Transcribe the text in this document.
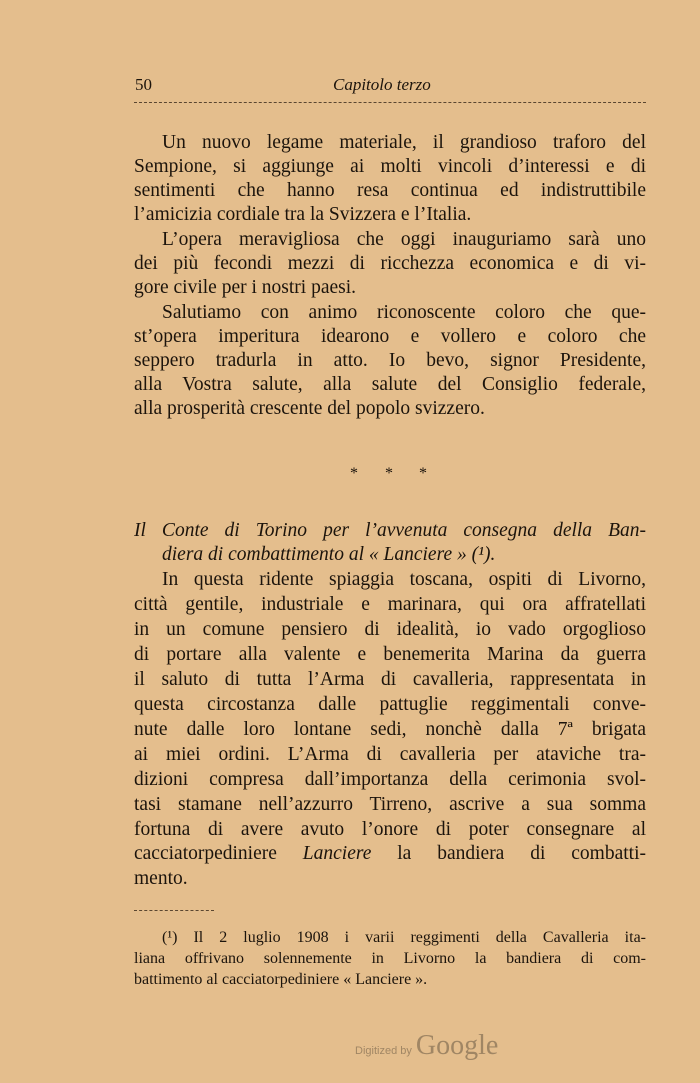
50	Capitolo terzo
Un nuovo legame materiale, il grandioso traforo del
Sempione, si aggiunge ai molti vincoli d’interessi e di
sentimenti che hanno resa continua ed indistruttibile
l’amicizia cordiale tra la Svizzera e l’Italia.
L’opera meravigliosa che oggi inauguriamo sarà uno
dei più fecondi mezzi di ricchezza economica e di vi-
gore civile per i nostri paesi.
Salutiamo con animo riconoscente coloro che que-
st’opera imperitura idearono e vollero e coloro che
seppero tradurla in atto. Io bevo, signor Presidente,
alla Vostra salute, alla salute del Consiglio federale,
alla prosperità crescente del popolo svizzero.
Il Conte di Torino per l’avvenuta consegna della Ban-
diera di combattimento al « Lanciere » (¹).
In questa ridente spiaggia toscana, ospiti di Livorno,
città gentile, industriale e marinara, qui ora affratellati
in un comune pensiero di idealità, io vado orgoglioso
di portare alla valente e benemerita Marina da guerra
il saluto di tutta l’Arma di cavalleria, rappresentata in
questa circostanza dalle pattuglie reggimentali conve-
nute dalle loro lontane sedi, nonchè dalla 7ª brigata
ai miei ordini. L’Arma di cavalleria per ataviche tra-
dizioni compresa dall’importanza della cerimonia svol-
tasi stamane nell’azzurro Tirreno, ascrive a sua somma
fortuna di avere avuto l’onore di poter consegnare al
cacciatorpediniere Lanciere la bandiera di combatti-
mento.
(¹) Il 2 luglio 1908 i varii reggimenti della Cavalleria ita-
liana offrivano solennemente in Livorno la bandiera di com-
battimento al cacciatorpediniere « Lanciere ».
* * *
Digitized by Google
